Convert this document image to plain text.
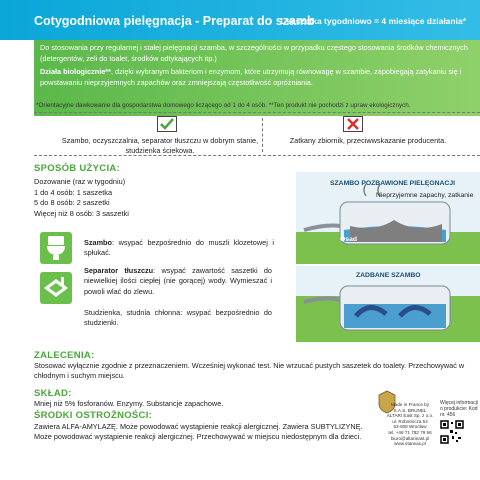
Cotygodniowa pielęgnacja - Preparat do szamb
1 saszetka tygodniowo = 4 miesiące działania*

Do stosowania przy regularnej i stałej pielęgnacji szamba, w szczególności w przypadku częstego stosowania środków chemicznych (detergentów, żeli do toalet, środków odtykających itp.)

Działa biologicznie**, dzięki wybranym bakteriom i enzymom, które utrzymują równowagę w szambie, zapobiegają zatykaniu się i powstawaniu nieprzyjemnych zapachów oraz zmniejszają częstotliwość opróżniania.

*Orientacyjne dawkowanie dla gospodarstwa domowego liczącego od 1 do 4 osób. **Ten produkt nie pochodzi z upraw ekologicznych.
Szambo, oczyszczalnia, separator tłuszczu w dobrym stanie,
studzienka ściekowa.
Zatkany zbiornik, przeciwwskazanie producenta.
SPOSÓB UŻYCIA:
Dozowanie (raz w tygodniu)
1 do 4 osób: 1 saszetka
5 do 8 osób: 2 saszetki
Więcej niż 8 osób: 3 saszetki
Szambo: wsypać bezpośrednio do muszli klozetowej i spłukać.
Separator tłuszczu: wsypać zawartość saszetki do niewielkiej ilości ciepłej (nie gorącej) wody. Wymieszać i powoli wlać do zlewu.
Studzienka, studnia chłonna: wsypać bezpośrednio do studzienki.
SZAMBO POZBAWIONE PIELĘGNACJI
Nieprzyjemne zapachy, zatkanie
Osad
ZADBANE SZAMBO
ZALECENIA:
Stosować wyłącznie zgodnie z przeznaczeniem. Wcześniej wykonać test. Nie wrzucać pustych saszetek do toalety. Przechowywać w chłodnym i suchym miejscu.
SKŁAD:
Mniej niż 5% fosforanów. Enzymy. Substancje zapachowe.
ŚRODKI OSTROŻNOŚCI:
Zawiera ALFA-AMYLAZĘ. Może powodować wystąpienie reakcji alergicznej. Zawiera SUBTYLIZYNĘ. Może powodować wystąpienie reakcji alergicznej. Przechowywać w miejscu niedostępnym dla dzieci.
Made in France by
S.A.S. BRUNEL
ALTARI East Sp. z o.o.
ul. Robotnicza 54
53-608 Wrocław
tel. +48 71 782 79 56
biuro@altarieast.pl
www.starwax.pl
Więcej informacji o produkcie: Kod nr. 456
